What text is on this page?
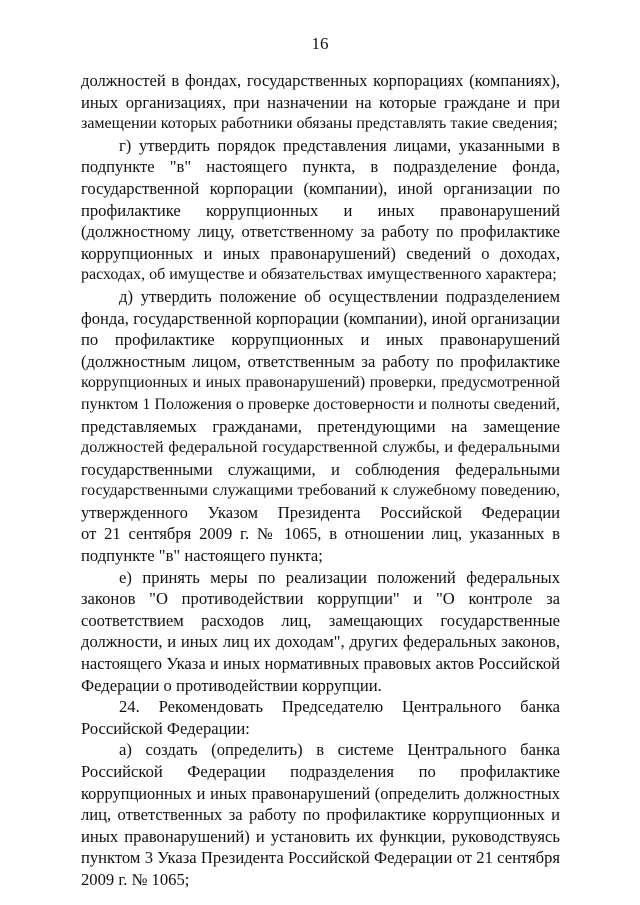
16
должностей в фондах, государственных корпорациях (компаниях),
иных организациях, при назначении на которые граждане и при
замещении которых работники обязаны представлять такие сведения;
г) утвердить порядок представления лицами, указанными в
подпункте "в" настоящего пункта, в подразделение фонда,
государственной корпорации (компании), иной организации по
профилактике коррупционных и иных правонарушений
(должностному лицу, ответственному за работу по профилактике
коррупционных и иных правонарушений) сведений о доходах,
расходах, об имуществе и обязательствах имущественного характера;
д) утвердить положение об осуществлении подразделением
фонда, государственной корпорации (компании), иной организации
по профилактике коррупционных и иных правонарушений
(должностным лицом, ответственным за работу по профилактике
коррупционных и иных правонарушений) проверки, предусмотренной
пунктом 1 Положения о проверке достоверности и полноты сведений,
представляемых гражданами, претендующими на замещение
должностей федеральной государственной службы, и федеральными
государственными служащими, и соблюдения федеральными
государственными служащими требований к служебному поведению,
утвержденного Указом Президента Российской Федерации
от 21 сентября 2009 г. № 1065, в отношении лиц, указанных в
подпункте "в" настоящего пункта;
е) принять меры по реализации положений федеральных
законов "О противодействии коррупции" и "О контроле за
соответствием расходов лиц, замещающих государственные
должности, и иных лиц их доходам", других федеральных законов,
настоящего Указа и иных нормативных правовых актов Российской
Федерации о противодействии коррупции.
24. Рекомендовать Председателю Центрального банка
Российской Федерации:
а) создать (определить) в системе Центрального банка
Российской Федерации подразделения по профилактике
коррупционных и иных правонарушений (определить должностных
лиц, ответственных за работу по профилактике коррупционных и
иных правонарушений) и установить их функции, руководствуясь
пунктом 3 Указа Президента Российской Федерации от 21 сентября
2009 г. № 1065;
